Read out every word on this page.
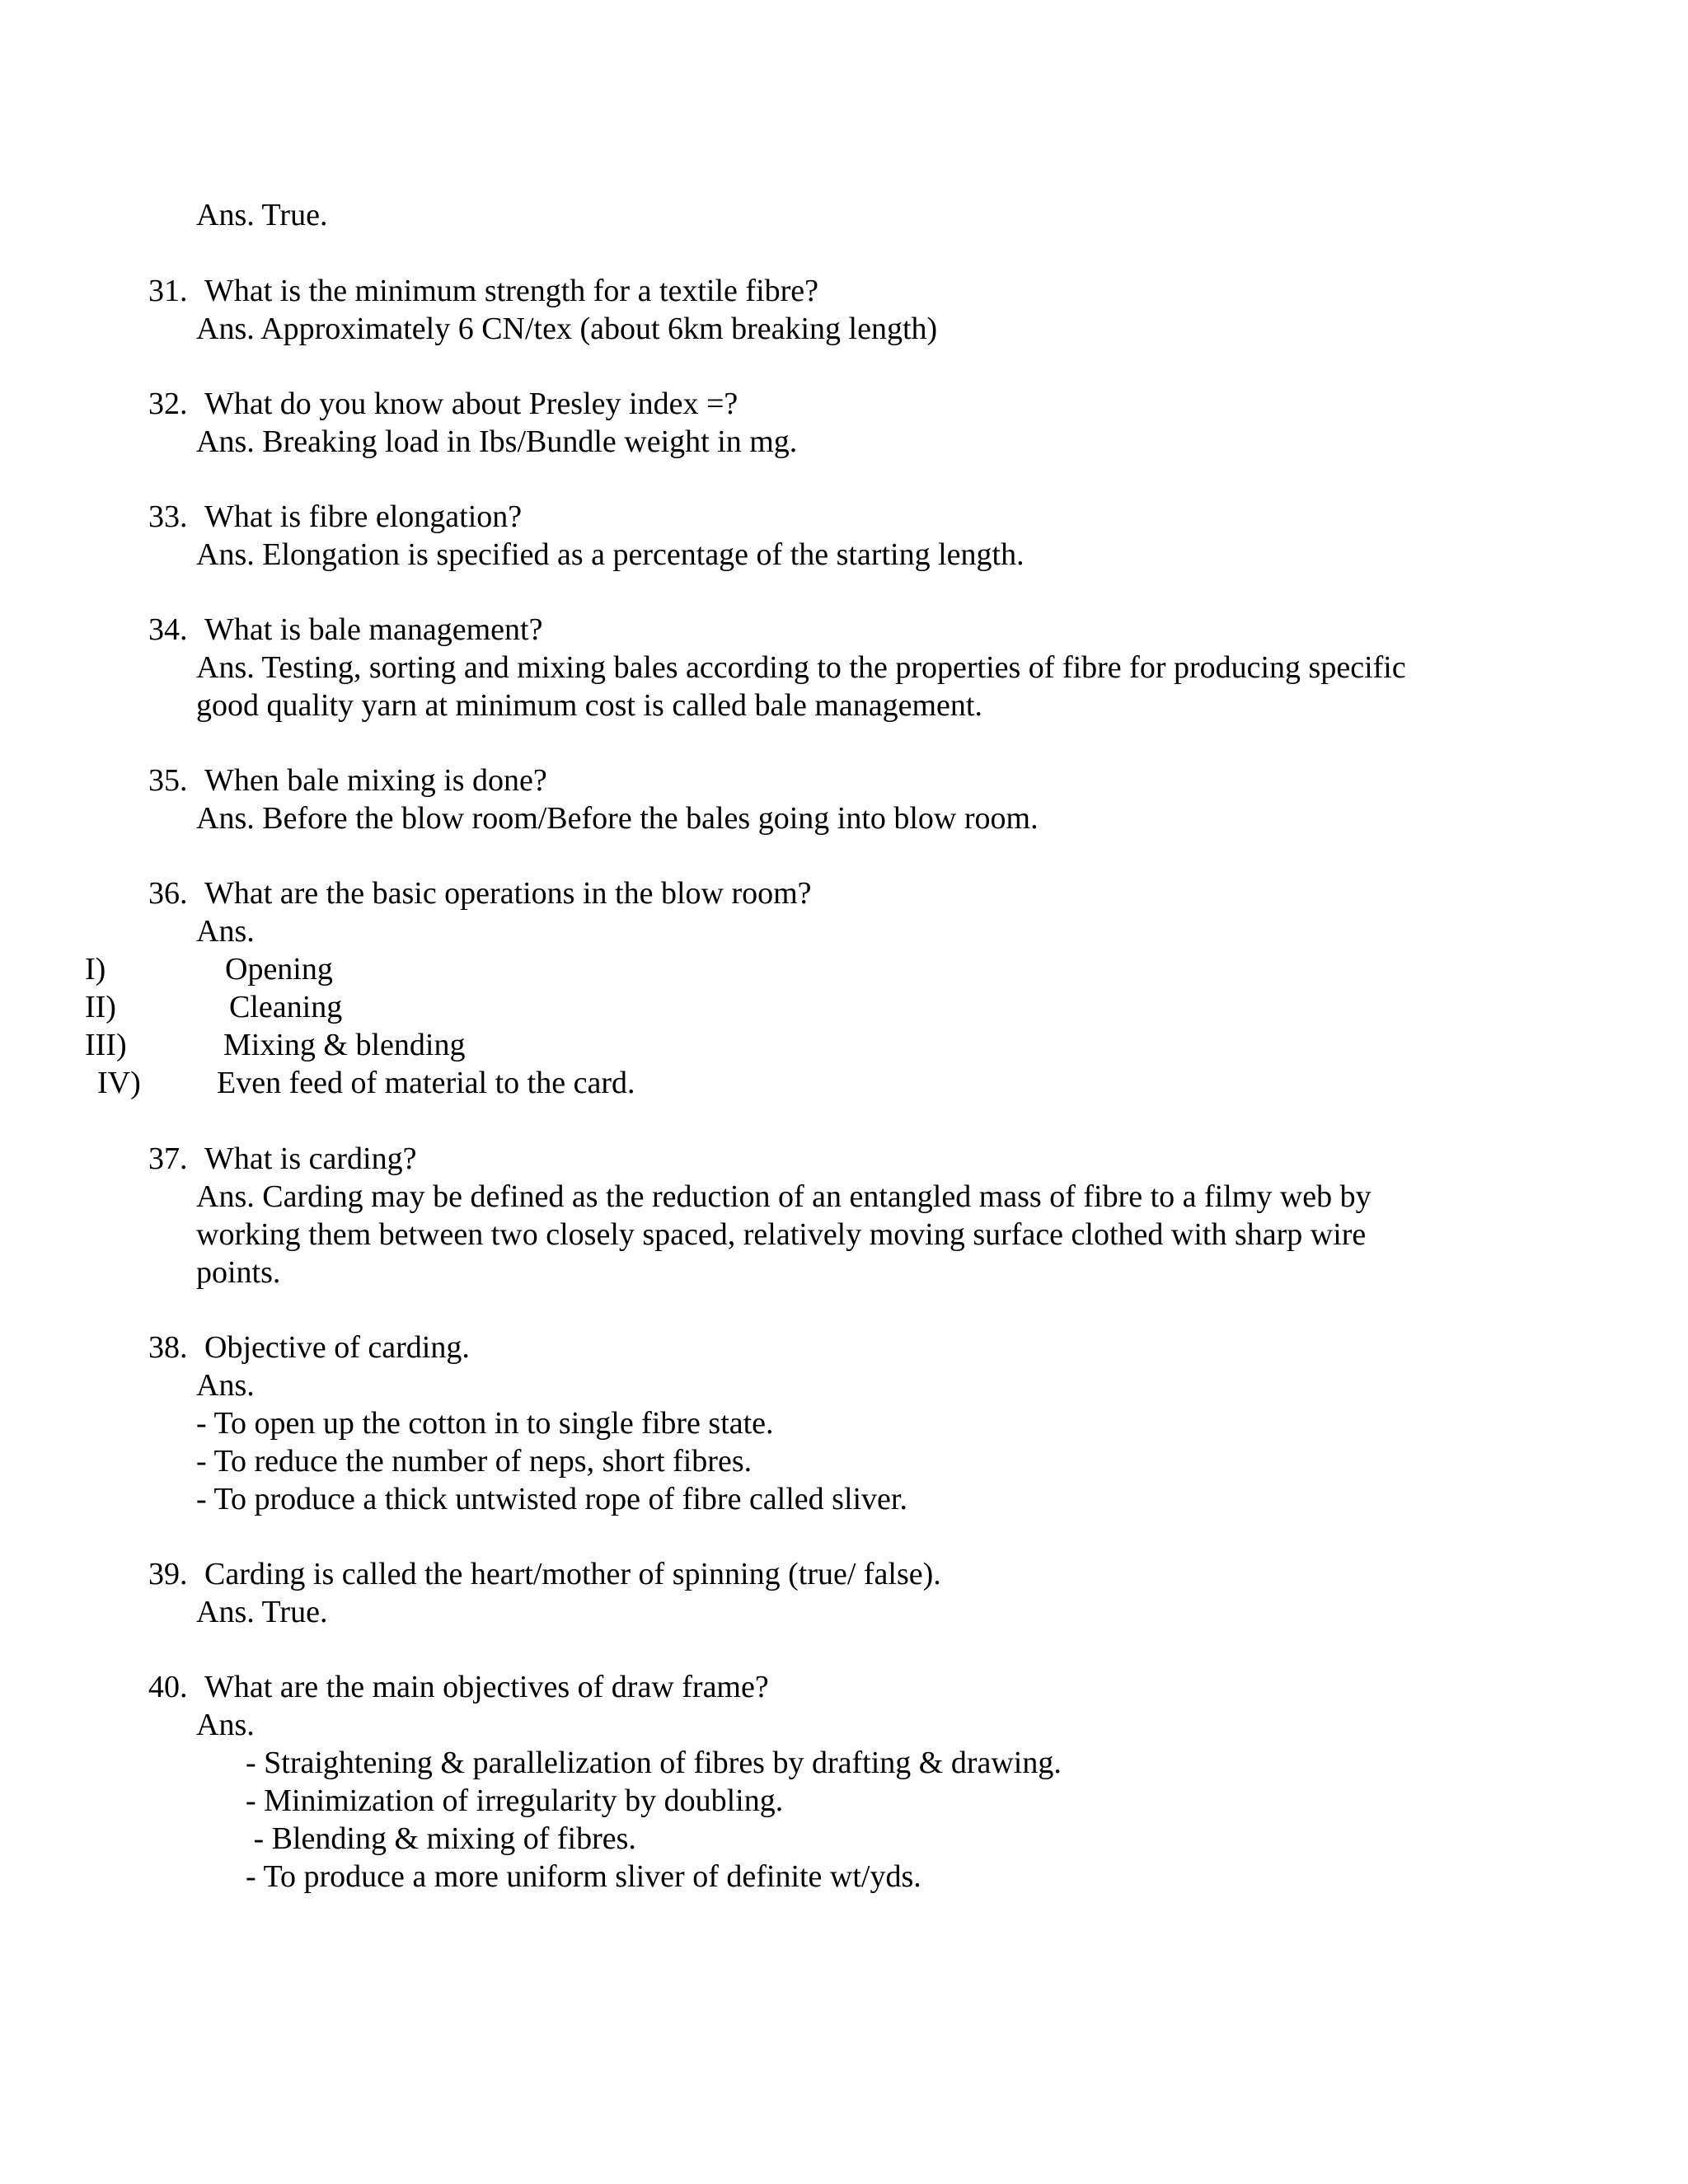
Ans. True.
31. What is the minimum strength for a textile fibre?
Ans. Approximately 6 CN/tex (about 6km breaking length)
32. What do you know about Presley index =?
Ans. Breaking load in Ibs/Bundle weight in mg.
33. What is fibre elongation?
Ans. Elongation is specified as a percentage of the starting length.
34. What is bale management?
Ans. Testing, sorting and mixing bales according to the properties of fibre for producing specific
good quality yarn at minimum cost is called bale management.
35. When bale mixing is done?
Ans. Before the blow room/Before the bales going into blow room.
36. What are the basic operations in the blow room?
Ans.
I)	Opening
II)	Cleaning
III)	Mixing & blending
IV) Even feed of material to the card.
37. What is carding?
Ans. Carding may be defined as the reduction of an entangled mass of fibre to a filmy web by
working them between two closely spaced, relatively moving surface clothed with sharp wire
points.
38. Objective of carding.
Ans.
- To open up the cotton in to single fibre state.
- To reduce the number of neps, short fibres.
- To produce a thick untwisted rope of fibre called sliver.
39. Carding is called the heart/mother of spinning (true/ false).
Ans. True.
40. What are the main objectives of draw frame?
Ans.
- Straightening & parallelization of fibres by drafting & drawing.
- Minimization of irregularity by doubling.
- Blending & mixing of fibres.
- To produce a more uniform sliver of definite wt/yds.
